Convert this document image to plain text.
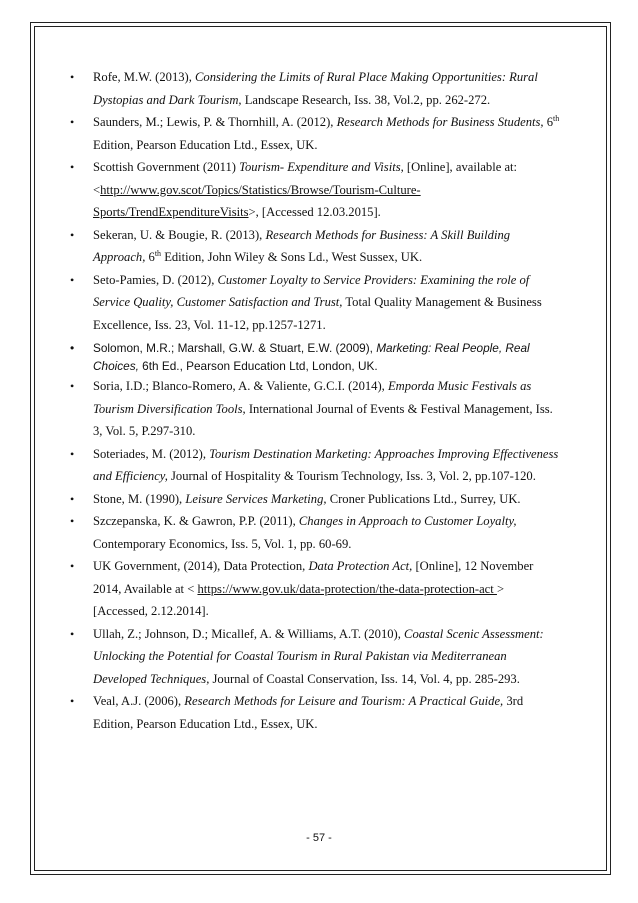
• Rofe, M.W. (2013), Considering the Limits of Rural Place Making Opportunities: Rural Dystopias and Dark Tourism, Landscape Research, Iss. 38, Vol.2, pp. 262-272.
• Saunders, M.; Lewis, P. & Thornhill, A. (2012), Research Methods for Business Students, 6th Edition, Pearson Education Ltd., Essex, UK.
• Scottish Government (2011) Tourism- Expenditure and Visits, [Online], available at: <http://www.gov.scot/Topics/Statistics/Browse/Tourism-Culture-Sports/TrendExpenditureVisits>, [Accessed 12.03.2015].
• Sekeran, U. & Bougie, R. (2013), Research Methods for Business: A Skill Building Approach, 6th Edition, John Wiley & Sons Ld., West Sussex, UK.
• Seto-Pamies, D. (2012), Customer Loyalty to Service Providers: Examining the role of Service Quality, Customer Satisfaction and Trust, Total Quality Management & Business Excellence, Iss. 23, Vol. 11-12, pp.1257-1271.
• Solomon, M.R.; Marshall, G.W. & Stuart, E.W. (2009), Marketing: Real People, Real Choices, 6th Ed., Pearson Education Ltd, London, UK.
• Soria, I.D.; Blanco-Romero, A. & Valiente, G.C.I. (2014), Emporda Music Festivals as Tourism Diversification Tools, International Journal of Events & Festival Management, Iss. 3, Vol. 5, P.297-310.
• Soteriades, M. (2012), Tourism Destination Marketing: Approaches Improving Effectiveness and Efficiency, Journal of Hospitality & Tourism Technology, Iss. 3, Vol. 2, pp.107-120.
• Stone, M. (1990), Leisure Services Marketing, Croner Publications Ltd., Surrey, UK.
• Szczepanska, K. & Gawron, P.P. (2011), Changes in Approach to Customer Loyalty, Contemporary Economics, Iss. 5, Vol. 1, pp. 60-69.
• UK Government, (2014), Data Protection, Data Protection Act, [Online], 12 November 2014, Available at < https://www.gov.uk/data-protection/the-data-protection-act > [Accessed, 2.12.2014].
• Ullah, Z.; Johnson, D.; Micallef, A. & Williams, A.T. (2010), Coastal Scenic Assessment: Unlocking the Potential for Coastal Tourism in Rural Pakistan via Mediterranean Developed Techniques, Journal of Coastal Conservation, Iss. 14, Vol. 4, pp. 285-293.
• Veal, A.J. (2006), Research Methods for Leisure and Tourism: A Practical Guide, 3rd Edition, Pearson Education Ltd., Essex, UK.
- 57 -
